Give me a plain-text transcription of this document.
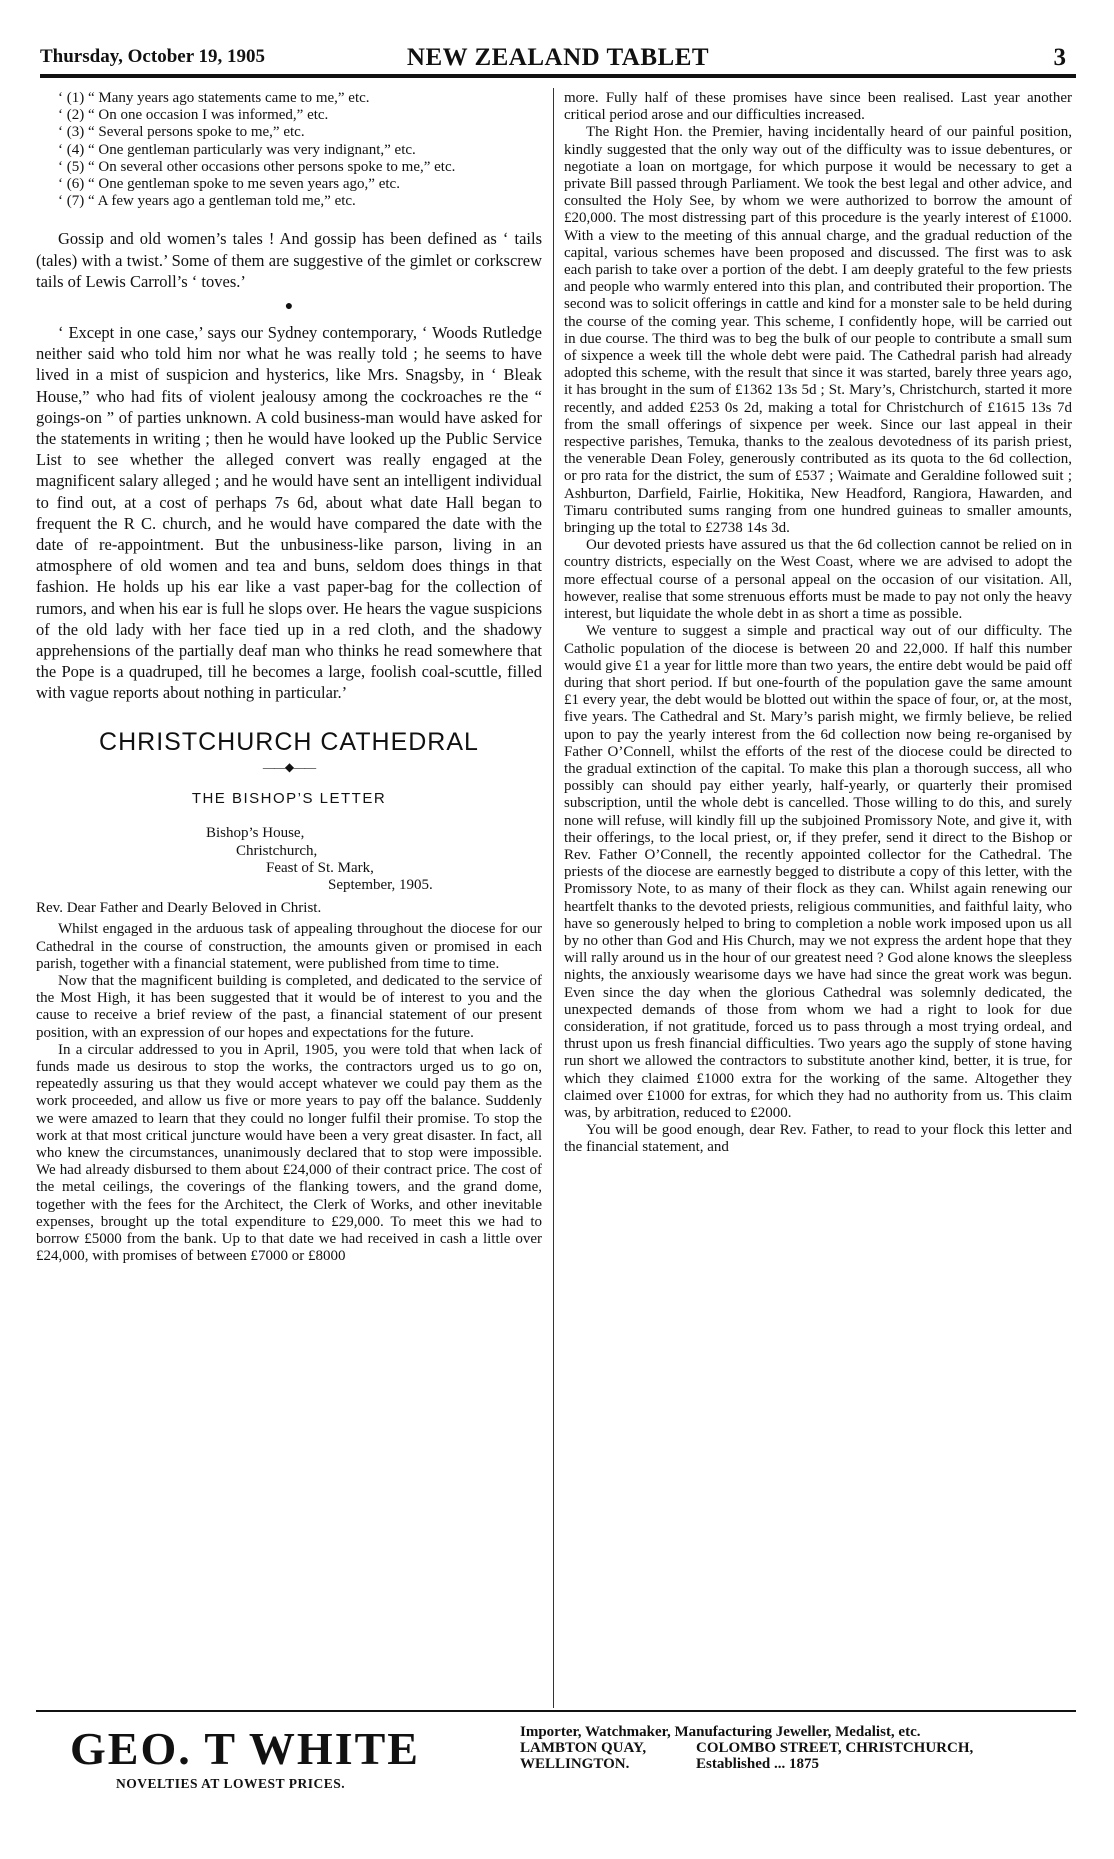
Thursday, October 19, 1905	NEW ZEALAND TABLET	3

‘ (1) “ Many years ago statements came to me,” etc.

‘ (2) “ On one occasion I was informed,” etc.

‘ (3) “ Several persons spoke to me,” etc.

‘ (4) “ One gentleman particularly was very indignant,” etc.

‘ (5) “ On several other occasions other persons spoke to me,” etc.

‘ (6) “ One gentleman spoke to me seven years ago,” etc.

‘ (7) “ A few years ago a gentleman told me,” etc.

Gossip and old women’s tales ! And gossip has been defined as ‘ tails (tales) with a twist.’ Some of them are suggestive of the gimlet or corkscrew tails of Lewis Carroll’s ‘ toves.’

●

‘ Except in one case,’ says our Sydney contemporary, ‘ Woods Rutledge neither said who told him nor what he was really told ; he seems to have lived in a mist of suspicion and hysterics, like Mrs. Snagsby, in ‘ Bleak House,” who had fits of violent jealousy among the cockroaches re the “ goings-on ” of parties unknown. A cold business-man would have asked for the statements in writing ; then he would have looked up the Public Service List to see whether the alleged convert was really engaged at the magnificent salary alleged ; and he would have sent an intelligent individual to find out, at a cost of perhaps 7s 6d, about what date Hall began to frequent the R C. church, and he would have compared the date with the date of re-appointment. But the unbusiness-like parson, living in an atmosphere of old women and tea and buns, seldom does things in that fashion. He holds up his ear like a vast paper-bag for the collection of rumors, and when his ear is full he slops over. He hears the vague suspicions of the old lady with her face tied up in a red cloth, and the shadowy apprehensions of the partially deaf man who thinks he read somewhere that the Pope is a quadruped, till he becomes a large, foolish coal-scuttle, filled with vague reports about nothing in particular.’

CHRISTCHURCH CATHEDRAL
——◆——
THE BISHOP’S LETTER
Bishop’s House,
Christchurch,
Feast of St. Mark,
September, 1905.

Rev. Dear Father and Dearly Beloved in Christ.

Whilst engaged in the arduous task of appealing throughout the diocese for our Cathedral in the course of construction, the amounts given or promised in each parish, together with a financial statement, were published from time to time.

Now that the magnificent building is completed, and dedicated to the service of the Most High, it has been suggested that it would be of interest to you and the cause to receive a brief review of the past, a financial statement of our present position, with an expression of our hopes and expectations for the future.

In a circular addressed to you in April, 1905, you were told that when lack of funds made us desirous to stop the works, the contractors urged us to go on, repeatedly assuring us that they would accept whatever we could pay them as the work proceeded, and allow us five or more years to pay off the balance. Suddenly we were amazed to learn that they could no longer fulfil their promise. To stop the work at that most critical juncture would have been a very great disaster. In fact, all who knew the circumstances, unanimously declared that to stop were impossible. We had already disbursed to them about £24,000 of their contract price. The cost of the metal ceilings, the coverings of the flanking towers, and the grand dome, together with the fees for the Architect, the Clerk of Works, and other inevitable expenses, brought up the total expenditure to £29,000. To meet this we had to borrow £5000 from the bank. Up to that date we had received in cash a little over £24,000, with promises of between £7000 or £8000

more. Fully half of these promises have since been realised. Last year another critical period arose and our difficulties increased.

The Right Hon. the Premier, having incidentally heard of our painful position, kindly suggested that the only way out of the difficulty was to issue debentures, or negotiate a loan on mortgage, for which purpose it would be necessary to get a private Bill passed through Parliament. We took the best legal and other advice, and consulted the Holy See, by whom we were authorized to borrow the amount of £20,000. The most distressing part of this procedure is the yearly interest of £1000. With a view to the meeting of this annual charge, and the gradual reduction of the capital, various schemes have been proposed and discussed. The first was to ask each parish to take over a portion of the debt. I am deeply grateful to the few priests and people who warmly entered into this plan, and contributed their proportion. The second was to solicit offerings in cattle and kind for a monster sale to be held during the course of the coming year. This scheme, I confidently hope, will be carried out in due course. The third was to beg the bulk of our people to contribute a small sum of sixpence a week till the whole debt were paid. The Cathedral parish had already adopted this scheme, with the result that since it was started, barely three years ago, it has brought in the sum of £1362 13s 5d ; St. Mary’s, Christchurch, started it more recently, and added £253 0s 2d, making a total for Christchurch of £1615 13s 7d from the small offerings of sixpence per week. Since our last appeal in their respective parishes, Temuka, thanks to the zealous devotedness of its parish priest, the venerable Dean Foley, generously contributed as its quota to the 6d collection, or pro rata for the district, the sum of £537 ; Waimate and Geraldine followed suit ; Ashburton, Darfield, Fairlie, Hokitika, New Headford, Rangiora, Hawarden, and Timaru contributed sums ranging from one hundred guineas to smaller amounts, bringing up the total to £2738 14s 3d.

Our devoted priests have assured us that the 6d collection cannot be relied on in country districts, especially on the West Coast, where we are advised to adopt the more effectual course of a personal appeal on the occasion of our visitation. All, however, realise that some strenuous efforts must be made to pay not only the heavy interest, but liquidate the whole debt in as short a time as possible.

We venture to suggest a simple and practical way out of our difficulty. The Catholic population of the diocese is between 20 and 22,000. If half this number would give £1 a year for little more than two years, the entire debt would be paid off during that short period. If but one-fourth of the population gave the same amount £1 every year, the debt would be blotted out within the space of four, or, at the most, five years. The Cathedral and St. Mary’s parish might, we firmly believe, be relied upon to pay the yearly interest from the 6d collection now being re-organised by Father O’Connell, whilst the efforts of the rest of the diocese could be directed to the gradual extinction of the capital. To make this plan a thorough success, all who possibly can should pay either yearly, half-yearly, or quarterly their promised subscription, until the whole debt is cancelled. Those willing to do this, and surely none will refuse, will kindly fill up the subjoined Promissory Note, and give it, with their offerings, to the local priest, or, if they prefer, send it direct to the Bishop or Rev. Father O’Connell, the recently appointed collector for the Cathedral. The priests of the diocese are earnestly begged to distribute a copy of this letter, with the Promissory Note, to as many of their flock as they can. Whilst again renewing our heartfelt thanks to the devoted priests, religious communities, and faithful laity, who have so generously helped to bring to completion a noble work imposed upon us all by no other than God and His Church, may we not express the ardent hope that they will rally around us in the hour of our greatest need ? God alone knows the sleepless nights, the anxiously wearisome days we have had since the great work was begun. Even since the day when the glorious Cathedral was solemnly dedicated, the unexpected demands of those from whom we had a right to look for due consideration, if not gratitude, forced us to pass through a most trying ordeal, and thrust upon us fresh financial difficulties. Two years ago the supply of stone having run short we allowed the contractors to substitute another kind, better, it is true, for which they claimed £1000 extra for the working of the same. Altogether they claimed over £1000 for extras, for which they had no authority from us. This claim was, by arbitration, reduced to £2000.

You will be good enough, dear Rev. Father, to read to your flock this letter and the financial statement, and

GEO. T WHITE
NOVELTIES AT LOWEST PRICES.
Importer, Watchmaker, Manufacturing Jeweller, Medalist, etc.
LAMBTON QUAY,	COLOMBO STREET, CHRISTCHURCH,
WELLINGTON.	Established ... 1875
